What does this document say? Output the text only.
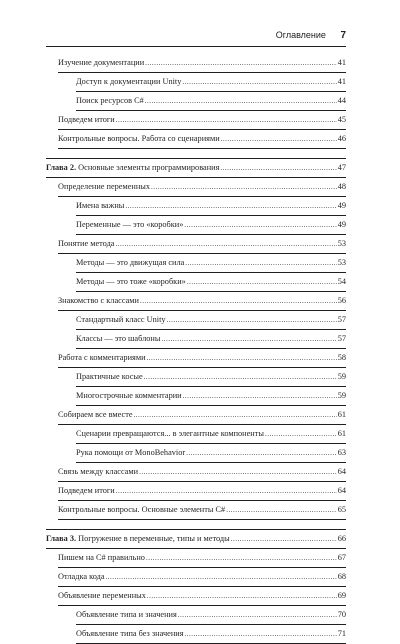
Оглавление 7
Изучение документации .....	41
Доступ к документации Unity .....	41
Поиск ресурсов C# .....	44
Подведем итоги .....	45
Контрольные вопросы. Работа со сценариями .....	46
Глава 2. Основные элементы программирования .....	47
Определение переменных .....	48
Имена важны .....	49
Переменные — это «коробки» .....	49
Понятие метода .....	53
Методы — это движущая сила .....	53
Методы — это тоже «коробки» .....	54
Знакомство с классами .....	56
Стандартный класс Unity .....	57
Классы — это шаблоны .....	57
Работа с комментариями .....	58
Практичные косые .....	59
Многострочные комментарии .....	59
Собираем все вместе .....	61
Сценарии превращаются... в элегантные компоненты .....	61
Рука помощи от MonoBehavior .....	63
Связь между классами .....	64
Подведем итоги .....	64
Контрольные вопросы. Основные элементы C# .....	65
Глава 3. Погружение в переменные, типы и методы .....	66
Пишем на C# правильно .....	67
Отладка кода .....	68
Объявление переменных .....	69
Объявление типа и значения .....	70
Объявление типа без значения .....	71
